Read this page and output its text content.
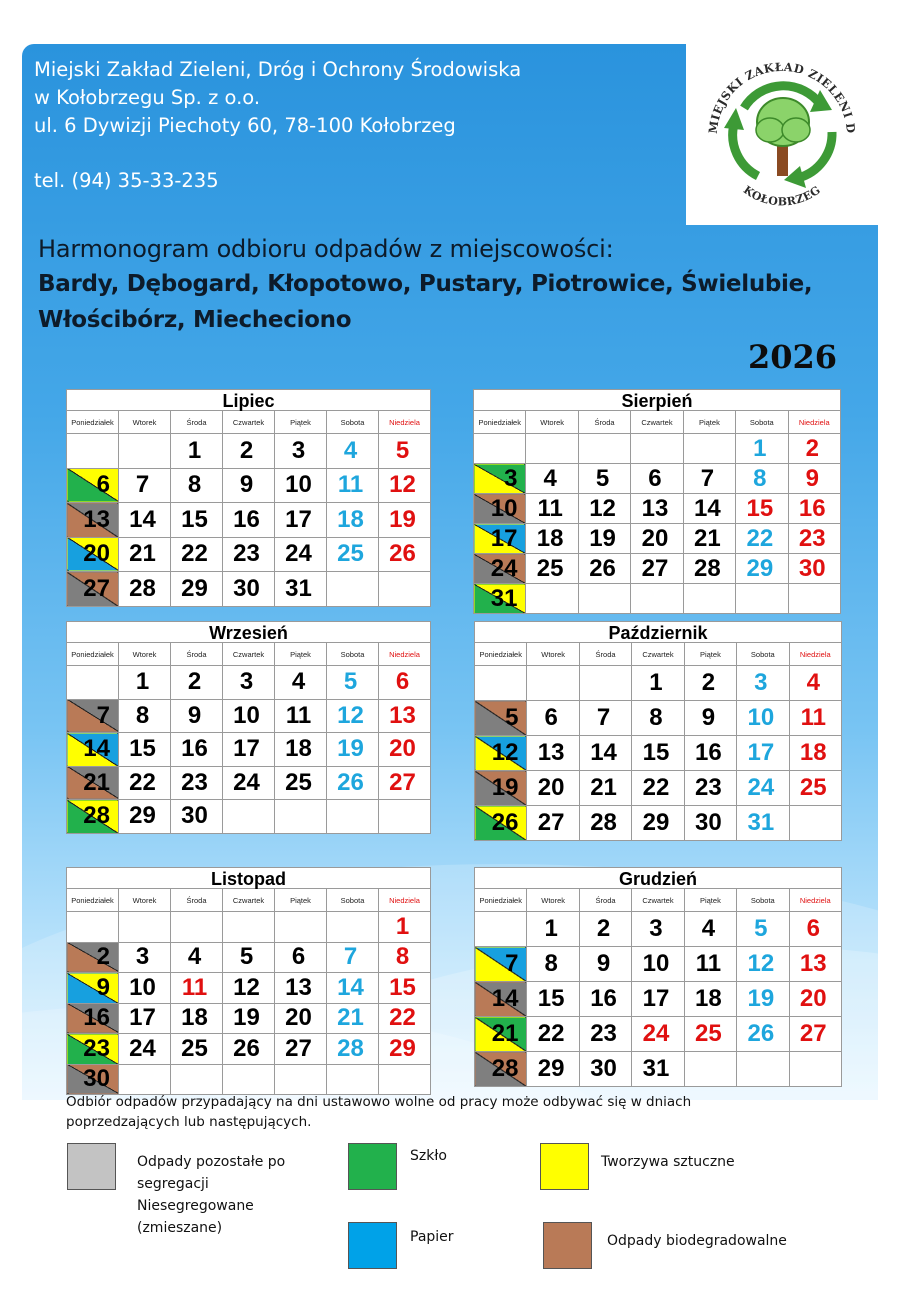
MIEJSKI ZAKŁAD ZIELENI D
KOŁOBRZEG
Miejski Zakład Zieleni, Dróg i Ochrony Środowiska
w Kołobrzegu Sp. z o.o.
ul. 6 Dywizji Piechoty 60, 78-100 Kołobrzeg
tel. (94) 35-33-235
Harmonogram odbioru odpadów z miejscowości:
Bardy, Dębogard, Kłopotowo, Pustary, Piotrowice, Świelubie,
Włościbórz, Miecheciono
2026
Lipiec
Poniedziałek	Wtorek	Środa	Czwartek	Piątek	Sobota	Niedziela
		1	2	3	4	5
6	7	8	9	10	11	12
13	14	15	16	17	18	19
20	21	22	23	24	25	26
27	28	29	30	31		
Sierpień
Poniedziałek	Wtorek	Środa	Czwartek	Piątek	Sobota	Niedziela
					1	2
3	4	5	6	7	8	9
10	11	12	13	14	15	16
17	18	19	20	21	22	23
24	25	26	27	28	29	30
31						
Wrzesień
Poniedziałek	Wtorek	Środa	Czwartek	Piątek	Sobota	Niedziela
	1	2	3	4	5	6
7	8	9	10	11	12	13
14	15	16	17	18	19	20
21	22	23	24	25	26	27
28	29	30				
Październik
Poniedziałek	Wtorek	Środa	Czwartek	Piątek	Sobota	Niedziela
			1	2	3	4
5	6	7	8	9	10	11
12	13	14	15	16	17	18
19	20	21	22	23	24	25
26	27	28	29	30	31	
Listopad
Poniedziałek	Wtorek	Środa	Czwartek	Piątek	Sobota	Niedziela
						1
2	3	4	5	6	7	8
9	10	11	12	13	14	15
16	17	18	19	20	21	22
23	24	25	26	27	28	29
30						
Grudzień
Poniedziałek	Wtorek	Środa	Czwartek	Piątek	Sobota	Niedziela
	1	2	3	4	5	6
7	8	9	10	11	12	13
14	15	16	17	18	19	20
21	22	23	24	25	26	27
28	29	30	31			
Odbiór odpadów przypadający na dni ustawowo wolne od pracy może odbywać się w dniach
poprzedzających lub następujących.
Odpady pozostałe po
segregacji
Niesegregowane
(zmieszane)
Szkło	Tworzywa sztuczne
Papier	Odpady biodegradowalne
